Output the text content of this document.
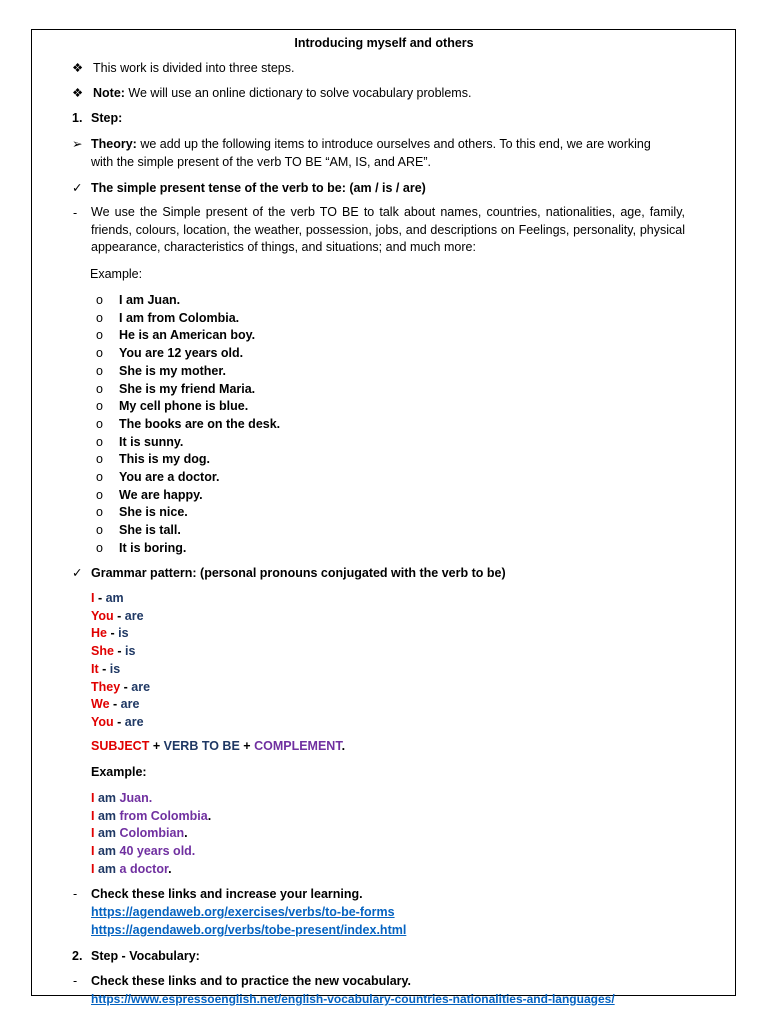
Introducing myself and others
❖ This work is divided into three steps.
❖ Note: We will use an online dictionary to solve vocabulary problems.
1. Step:
➢ Theory: we add up the following items to introduce ourselves and others. To this end, we are working
with the simple present of the verb TO BE “AM, IS, and ARE”.
✓ The simple present tense of the verb to be: (am / is / are)
- We use the Simple present of the verb TO BE to talk about names, countries, nationalities, age, family, friends, colours, location, the weather, possession, jobs, and descriptions on Feelings, personality, physical appearance, characteristics of things, and situations; and much more:
Example:
o I am Juan.
o I am from Colombia.
o He is an American boy.
o You are 12 years old.
o She is my mother.
o She is my friend Maria.
o My cell phone is blue.
o The books are on the desk.
o It is sunny.
o This is my dog.
o You are a doctor.
o We are happy.
o She is nice.
o She is tall.
o It is boring.
✓ Grammar pattern: (personal pronouns conjugated with the verb to be)
I - am
You - are
He - is
She - is
It - is
They - are
We - are
You - are
SUBJECT + VERB TO BE + COMPLEMENT.
Example:
I am Juan.
I am from Colombia.
I am Colombian.
I am 40 years old.
I am a doctor.
- Check these links and increase your learning.
https://agendaweb.org/exercises/verbs/to-be-forms
https://agendaweb.org/verbs/tobe-present/index.html
2. Step - Vocabulary:
- Check these links and to practice the new vocabulary.
https://www.espressoenglish.net/english-vocabulary-countries-nationalities-and-languages/
